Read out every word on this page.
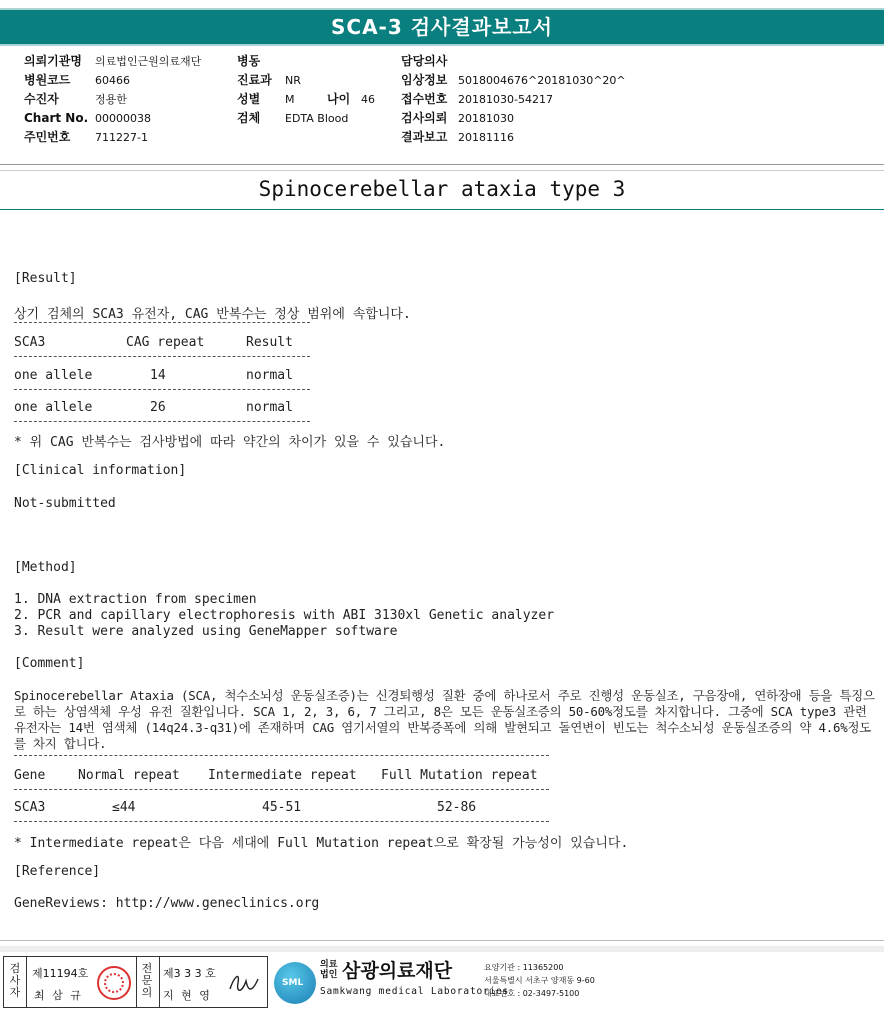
SCA-3 검사결과보고서
의뢰기관명 의료법인근원의료재단
병원코드 60466
수진자	정용한
Chart No. 00000038
주민번호 711227-1
병동
진료과 NR
성별 M	나이 46
검체 EDTA Blood
담당의사
임상정보 5018004676^20181030^20^
접수번호 20181030-54217
검사의뢰 20181030
결과보고 20181116
Spinocerebellar ataxia type 3
[Result]
상기 검체의 SCA3 유전자, CAG 반복수는 정상 범위에 속합니다.
SCA3	CAG repeat	Result
one allele	14	normal
one allele	26	normal
* 위 CAG 반복수는 검사방법에 따라 약간의 차이가 있을 수 있습니다.
[Clinical information]
Not-submitted
[Method]
1. DNA extraction from specimen
2. PCR and capillary electrophoresis with ABI 3130xl Genetic analyzer
3. Result were analyzed using GeneMapper software
[Comment]
Spinocerebellar Ataxia (SCA, 척수소뇌성 운동실조증)는 신경퇴행성 질환 중에 하나로서 주로 진행성 운동실조, 구음장애, 연하장애 등을 특징으로 하는 상염색체 우성 유전 질환입니다. SCA 1, 2, 3, 6, 7 그리고, 8은 모든 운동실조증의 50-60%정도를 차지합니다. 그중에 SCA type3 관련 유전자는 14번 염색체 (14q24.3-q31)에 존재하며 CAG 염기서열의 반복증폭에 의해 발현되고 돌연변이 빈도는 척수소뇌성 운동실조증의 약 4.6%정도를 차지 합니다.
Gene	Normal repeat Intermediate repeat Full Mutation repeat
SCA3	≤44	45-51	52-86
* Intermediate repeat은 다음 세대에 Full Mutation repeat으로 확장될 가능성이 있습니다.
[Reference]
GeneReviews: http://www.geneclinics.org
검사자
제11194호
최 삼 규
전문의
제3 3 3 호
지 현 영
SML
의료
법인 삼광의료재단
Samkwang medical Laboratories
요양기관 : 11365200
서울특별시 서초구 양재동 9-60
대표번호 : 02-3497-5100
